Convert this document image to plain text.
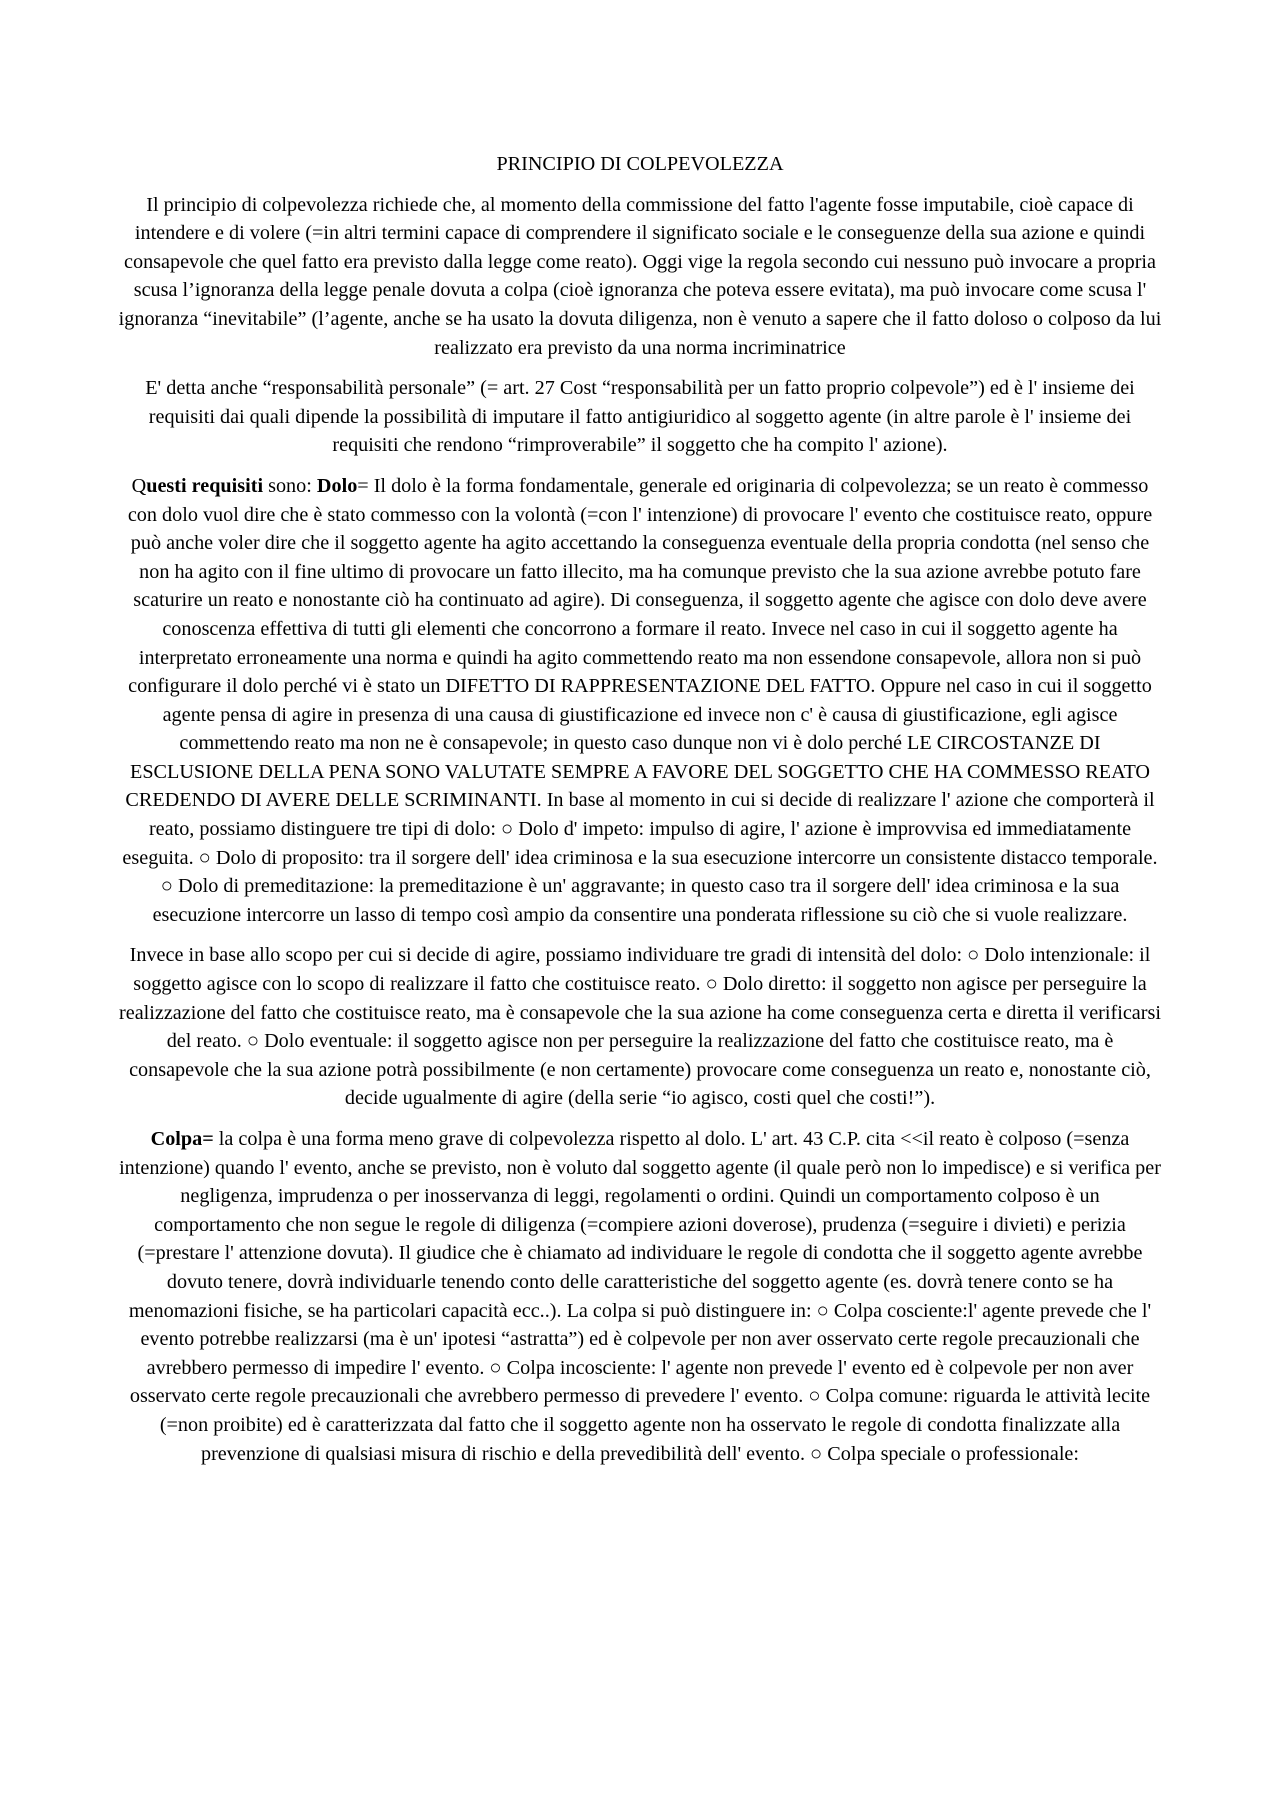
PRINCIPIO DI COLPEVOLEZZA

Il principio di colpevolezza richiede che, al momento della commissione del fatto l'agente fosse imputabile, cioè capace di intendere e di volere (=in altri termini capace di comprendere il significato sociale e le conseguenze della sua azione e quindi consapevole che quel fatto era previsto dalla legge come reato). Oggi vige la regola secondo cui nessuno può invocare a propria scusa l’ignoranza della legge penale dovuta a colpa (cioè ignoranza che poteva essere evitata), ma può invocare come scusa l' ignoranza “inevitabile” (l’agente, anche se ha usato la dovuta diligenza, non è venuto a sapere che il fatto doloso o colposo da lui realizzato era previsto da una norma incriminatrice

E' detta anche “responsabilità personale” (= art. 27 Cost “responsabilità per un fatto proprio colpevole”) ed è l' insieme dei requisiti dai quali dipende la possibilità di imputare il fatto antigiuridico al soggetto agente (in altre parole è l' insieme dei requisiti che rendono “rimproverabile” il soggetto che ha compito l' azione).

Questi requisiti sono: Dolo= Il dolo è la forma fondamentale, generale ed originaria di colpevolezza; se un reato è commesso con dolo vuol dire che è stato commesso con la volontà (=con l' intenzione) di provocare l' evento che costituisce reato, oppure può anche voler dire che il soggetto agente ha agito accettando la conseguenza eventuale della propria condotta (nel senso che non ha agito con il fine ultimo di provocare un fatto illecito, ma ha comunque previsto che la sua azione avrebbe potuto fare scaturire un reato e nonostante ciò ha continuato ad agire). Di conseguenza, il soggetto agente che agisce con dolo deve avere conoscenza effettiva di tutti gli elementi che concorrono a formare il reato. Invece nel caso in cui il soggetto agente ha interpretato erroneamente una norma e quindi ha agito commettendo reato ma non essendone consapevole, allora non si può configurare il dolo perché vi è stato un DIFETTO DI RAPPRESENTAZIONE DEL FATTO. Oppure nel caso in cui il soggetto agente pensa di agire in presenza di una causa di giustificazione ed invece non c' è causa di giustificazione, egli agisce commettendo reato ma non ne è consapevole; in questo caso dunque non vi è dolo perché LE CIRCOSTANZE DI ESCLUSIONE DELLA PENA SONO VALUTATE SEMPRE A FAVORE DEL SOGGETTO CHE HA COMMESSO REATO CREDENDO DI AVERE DELLE SCRIMINANTI. In base al momento in cui si decide di realizzare l' azione che comporterà il reato, possiamo distinguere tre tipi di dolo: ○ Dolo d' impeto: impulso di agire, l' azione è improvvisa ed immediatamente eseguita. ○ Dolo di proposito: tra il sorgere dell' idea criminosa e la sua esecuzione intercorre un consistente distacco temporale. ○ Dolo di premeditazione: la premeditazione è un' aggravante; in questo caso tra il sorgere dell' idea criminosa e la sua esecuzione intercorre un lasso di tempo così ampio da consentire una ponderata riflessione su ciò che si vuole realizzare.

Invece in base allo scopo per cui si decide di agire, possiamo individuare tre gradi di intensità del dolo: ○ Dolo intenzionale: il soggetto agisce con lo scopo di realizzare il fatto che costituisce reato. ○ Dolo diretto: il soggetto non agisce per perseguire la realizzazione del fatto che costituisce reato, ma è consapevole che la sua azione ha come conseguenza certa e diretta il verificarsi del reato. ○ Dolo eventuale: il soggetto agisce non per perseguire la realizzazione del fatto che costituisce reato, ma è consapevole che la sua azione potrà possibilmente (e non certamente) provocare come conseguenza un reato e, nonostante ciò, decide ugualmente di agire (della serie “io agisco, costi quel che costi!”).

Colpa= la colpa è una forma meno grave di colpevolezza rispetto al dolo. L' art. 43 C.P. cita <<il reato è colposo (=senza intenzione) quando l' evento, anche se previsto, non è voluto dal soggetto agente (il quale però non lo impedisce) e si verifica per negligenza, imprudenza o per inosservanza di leggi, regolamenti o ordini. Quindi un comportamento colposo è un comportamento che non segue le regole di diligenza (=compiere azioni doverose), prudenza (=seguire i divieti) e perizia (=prestare l' attenzione dovuta). Il giudice che è chiamato ad individuare le regole di condotta che il soggetto agente avrebbe dovuto tenere, dovrà individuarle tenendo conto delle caratteristiche del soggetto agente (es. dovrà tenere conto se ha menomazioni fisiche, se ha particolari capacità ecc..). La colpa si può distinguere in: ○ Colpa cosciente:l' agente prevede che l' evento potrebbe realizzarsi (ma è un' ipotesi “astratta”) ed è colpevole per non aver osservato certe regole precauzionali che avrebbero permesso di impedire l' evento. ○ Colpa incosciente: l' agente non prevede l' evento ed è colpevole per non aver osservato certe regole precauzionali che avrebbero permesso di prevedere l' evento. ○ Colpa comune: riguarda le attività lecite (=non proibite) ed è caratterizzata dal fatto che il soggetto agente non ha osservato le regole di condotta finalizzate alla prevenzione di qualsiasi misura di rischio e della prevedibilità dell' evento. ○ Colpa speciale o professionale:
